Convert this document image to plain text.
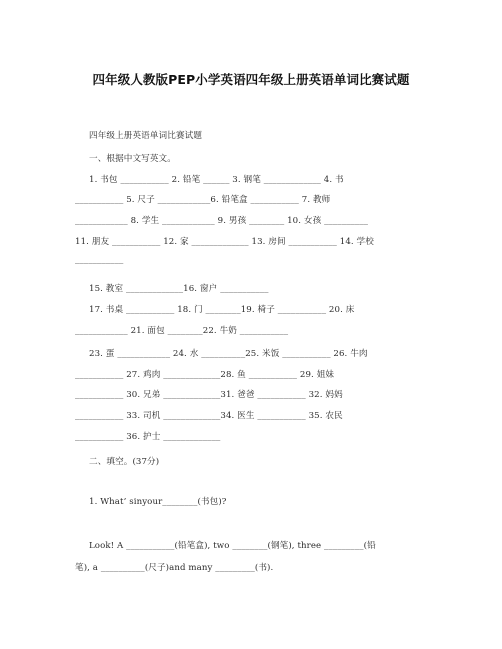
四年级人教版PEP小学英语四年级上册英语单词比赛试题
四年级上册英语单词比赛试题
一、根据中文写英文。
1. 书包 ___________ 2. 铅笔 ______ 3. 钢笔 _____________ 4. 书
___________ 5. 尺子 ____________6. 铅笔盒 ___________ 7. 教师
____________ 8. 学生 ____________ 9. 男孩 ________ 10. 女孩 __________
11. 朋友 ___________ 12. 家 _____________ 13. 房间 ___________ 14. 学校
___________
15. 教室 _____________16. 窗户 ___________
17. 书桌 ___________ 18. 门 ________19. 椅子 ___________ 20. 床
____________ 21. 面包 ________22. 牛奶 ___________
23. 蛋 ____________ 24. 水 __________25. 米饭 ___________ 26. 牛肉
___________ 27. 鸡肉 _____________28. 鱼 ___________ 29. 姐妹
___________ 30. 兄弟 _____________31. 爸爸 ___________ 32. 妈妈
___________ 33. 司机 _____________34. 医生 ___________ 35. 农民
___________ 36. 护士 _____________
二、填空。(37分)
1. What’ sinyour________(书包)?
Look! A ___________(铅笔盒), two ________(钢笔), three _________(铅
笔), a __________(尺子)and many _________(书).
